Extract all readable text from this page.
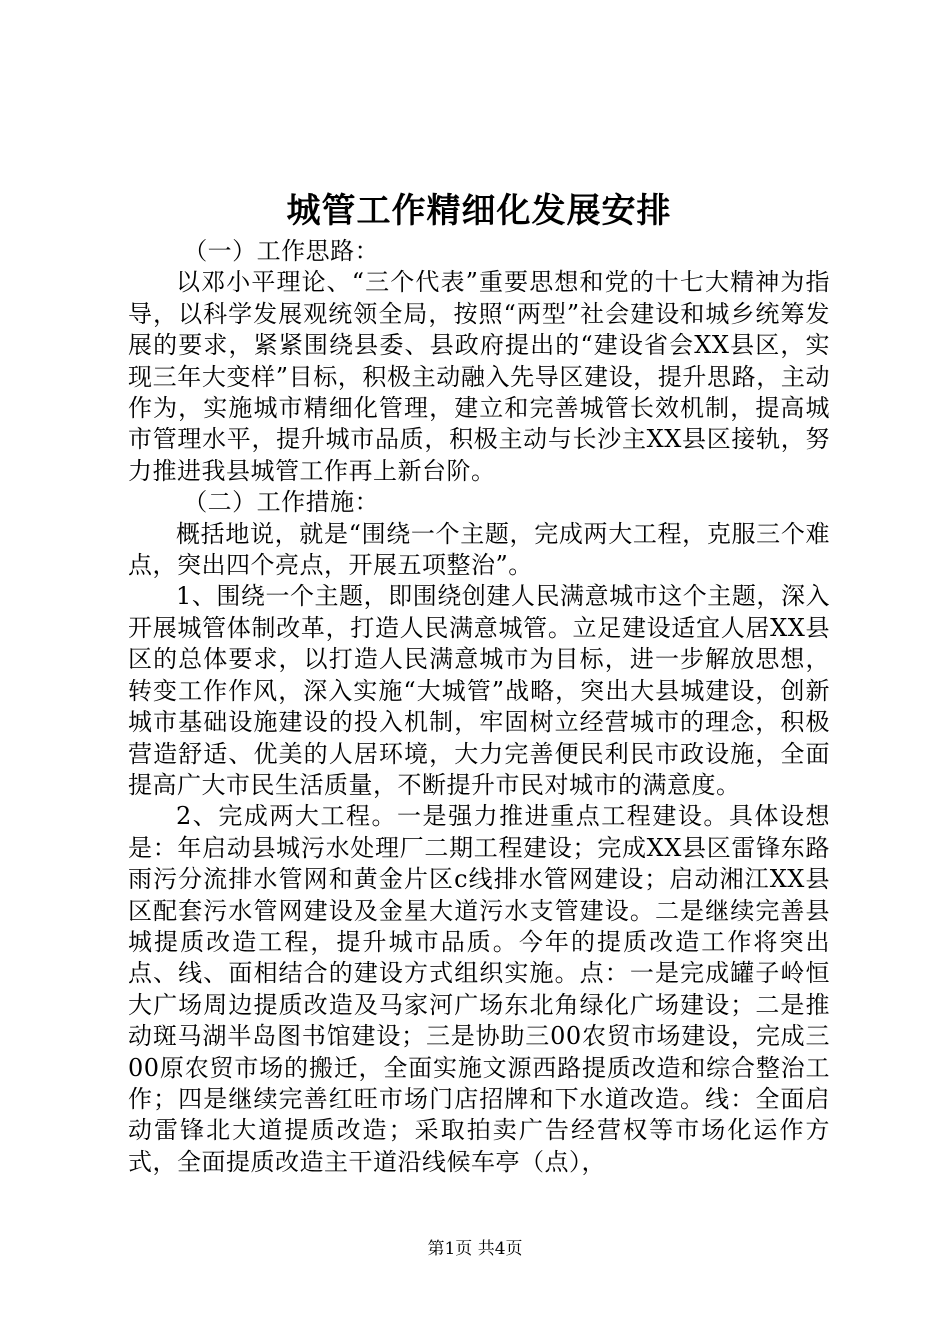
城管工作精细化发展安排

（一）工作思路：

以邓小平理论、“三个代表”重要思想和党的十七大精神为指导，以科学发展观统领全局，按照“两型”社会建设和城乡统筹发展的要求，紧紧围绕县委、县政府提出的“建设省会XX县区，实现三年大变样”目标，积极主动融入先导区建设，提升思路，主动作为，实施城市精细化管理，建立和完善城管长效机制，提高城市管理水平，提升城市品质，积极主动与长沙主XX县区接轨，努力推进我县城管工作再上新台阶。

（二）工作措施：

概括地说，就是“围绕一个主题，完成两大工程，克服三个难点，突出四个亮点，开展五项整治”。

1、围绕一个主题，即围绕创建人民满意城市这个主题，深入开展城管体制改革，打造人民满意城管。立足建设适宜人居XX县区的总体要求，以打造人民满意城市为目标，进一步解放思想，转变工作作风，深入实施“大城管”战略，突出大县城建设，创新城市基础设施建设的投入机制，牢固树立经营城市的理念，积极营造舒适、优美的人居环境，大力完善便民利民市政设施，全面提高广大市民生活质量，不断提升市民对城市的满意度。

2、完成两大工程。一是强力推进重点工程建设。具体设想是：年启动县城污水处理厂二期工程建设；完成XX县区雷锋东路雨污分流排水管网和黄金片区c线排水管网建设；启动湘江XX县区配套污水管网建设及金星大道污水支管建设。二是继续完善县城提质改造工程，提升城市品质。今年的提质改造工作将突出点、线、面相结合的建设方式组织实施。点：一是完成罐子岭恒大广场周边提质改造及马家河广场东北角绿化广场建设；二是推动斑马湖半岛图书馆建设；三是协助三00农贸市场建设，完成三00原农贸市场的搬迁，全面实施文源西路提质改造和综合整治工作；四是继续完善红旺市场门店招牌和下水道改造。线：全面启动雷锋北大道提质改造；采取拍卖广告经营权等市场化运作方式，全面提质改造主干道沿线候车亭（点），

第1页 共4页
